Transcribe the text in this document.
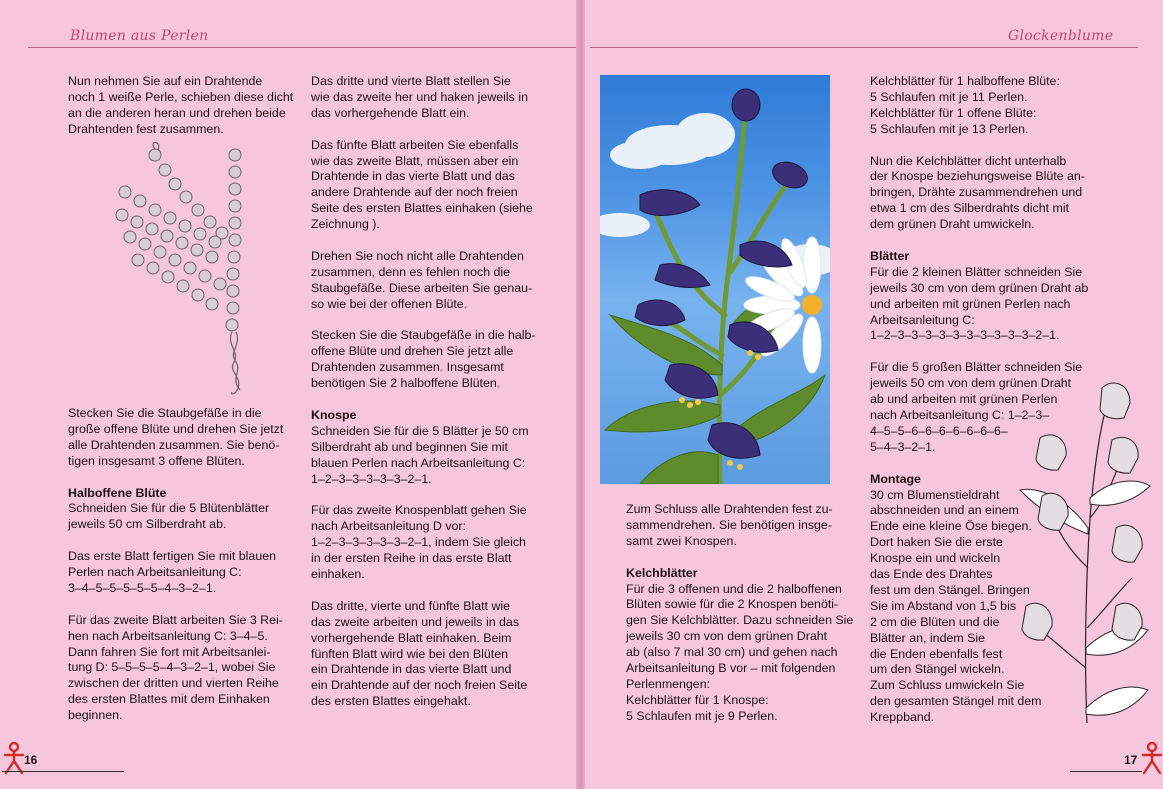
Blumen aus Perlen

Nun nehmen Sie auf ein Drahtende
noch 1 weiße Perle, schieben diese dicht
an die anderen heran und drehen beide
Drahtenden fest zusammen.

Stecken Sie die Staubgefäße in die
große offene Blüte und drehen Sie jetzt
alle Drahtenden zusammen. Sie benö-
tigen insgesamt 3 offene Blüten.

Halboffene Blüte

Schneiden Sie für die 5 Blütenblätter
jeweils 50 cm Silberdraht ab.

Das erste Blatt fertigen Sie mit blauen
Perlen nach Arbeitsanleitung C:
3–4–5–5–5–5–5–4–3–2–1.

Für das zweite Blatt arbeiten Sie 3 Rei-
hen nach Arbeitsanleitung C: 3–4–5.
Dann fahren Sie fort mit Arbeitsanlei-
tung D: 5–5–5–5–4–3–2–1, wobei Sie
zwischen der dritten und vierten Reihe
des ersten Blattes mit dem Einhaken
beginnen.

Das dritte und vierte Blatt stellen Sie
wie das zweite her und haken jeweils in
das vorhergehende Blatt ein.

Das fünfte Blatt arbeiten Sie ebenfalls
wie das zweite Blatt, müssen aber ein
Drahtende in das vierte Blatt und das
andere Drahtende auf der noch freien
Seite des ersten Blattes einhaken (siehe
Zeichnung ).

Drehen Sie noch nicht alle Drahtenden
zusammen, denn es fehlen noch die
Staubgefäße. Diese arbeiten Sie genau-
so wie bei der offenen Blüte.

Stecken Sie die Staubgefäße in die halb-
offene Blüte und drehen Sie jetzt alle
Drahtenden zusammen. Insgesamt
benötigen Sie 2 halboffene Blüten.

Knospe

Schneiden Sie für die 5 Blätter je 50 cm
Silberdraht ab und beginnen Sie mit
blauen Perlen nach Arbeitsanleitung C:
1–2–3–3–3–3–3–2–1.

Für das zweite Knospenblatt gehen Sie
nach Arbeitsanleitung D vor:
1–2–3–3–3–3–3–2–1, indem Sie gleich
in der ersten Reihe in das erste Blatt
einhaken.

Das dritte, vierte und fünfte Blatt wie
das zweite arbeiten und jeweils in das
vorhergehende Blatt einhaken. Beim
fünften Blatt wird wie bei den Blüten
ein Drahtende in das vierte Blatt und
ein Drahtende auf der noch freien Seite
des ersten Blattes eingehakt.

16
Glockenblume

Zum Schluss alle Drahtenden fest zu-
sammendrehen. Sie benötigen insge-
samt zwei Knospen.

Kelchblätter

Für die 3 offenen und die 2 halboffenen
Blüten sowie für die 2 Knospen benöti-
gen Sie Kelchblätter. Dazu schneiden Sie
jeweils 30 cm von dem grünen Draht
ab (also 7 mal 30 cm) und gehen nach
Arbeitsanleitung B vor – mit folgenden
Perlenmengen:
Kelchblätter für 1 Knospe:
5 Schlaufen mit je 9 Perlen.

Kelchblätter für 1 halboffene Blüte:
5 Schlaufen mit je 11 Perlen.
Kelchblätter für 1 offene Blüte:
5 Schlaufen mit je 13 Perlen.

Nun die Kelchblätter dicht unterhalb
der Knospe beziehungsweise Blüte an-
bringen, Drähte zusammendrehen und
etwa 1 cm des Silberdrahts dicht mit
dem grünen Draht umwickeln.

Blätter

Für die 2 kleinen Blätter schneiden Sie
jeweils 30 cm von dem grünen Draht ab
und arbeiten mit grünen Perlen nach
Arbeitsanleitung C:
1–2–3–3–3–3–3–3–3–3–3–3–2–1.

Für die 5 großen Blätter schneiden Sie
jeweils 50 cm von dem grünen Draht
ab und arbeiten mit grünen Perlen
nach Arbeitsanleitung C: 1–2–3–
4–5–5–6–6–6–6–6–6–6–
5–4–3–2–1.

Montage

30 cm Blumenstieldraht
abschneiden und an einem
Ende eine kleine Öse biegen.
Dort haken Sie die erste
Knospe ein und wickeln
das Ende des Drahtes
fest um den Stängel. Bringen
Sie im Abstand von 1,5 bis
2 cm die Blüten und die
Blätter an, indem Sie
die Enden ebenfalls fest
um den Stängel wickeln.
Zum Schluss umwickeln Sie
den gesamten Stängel mit dem
Kreppband.

17
